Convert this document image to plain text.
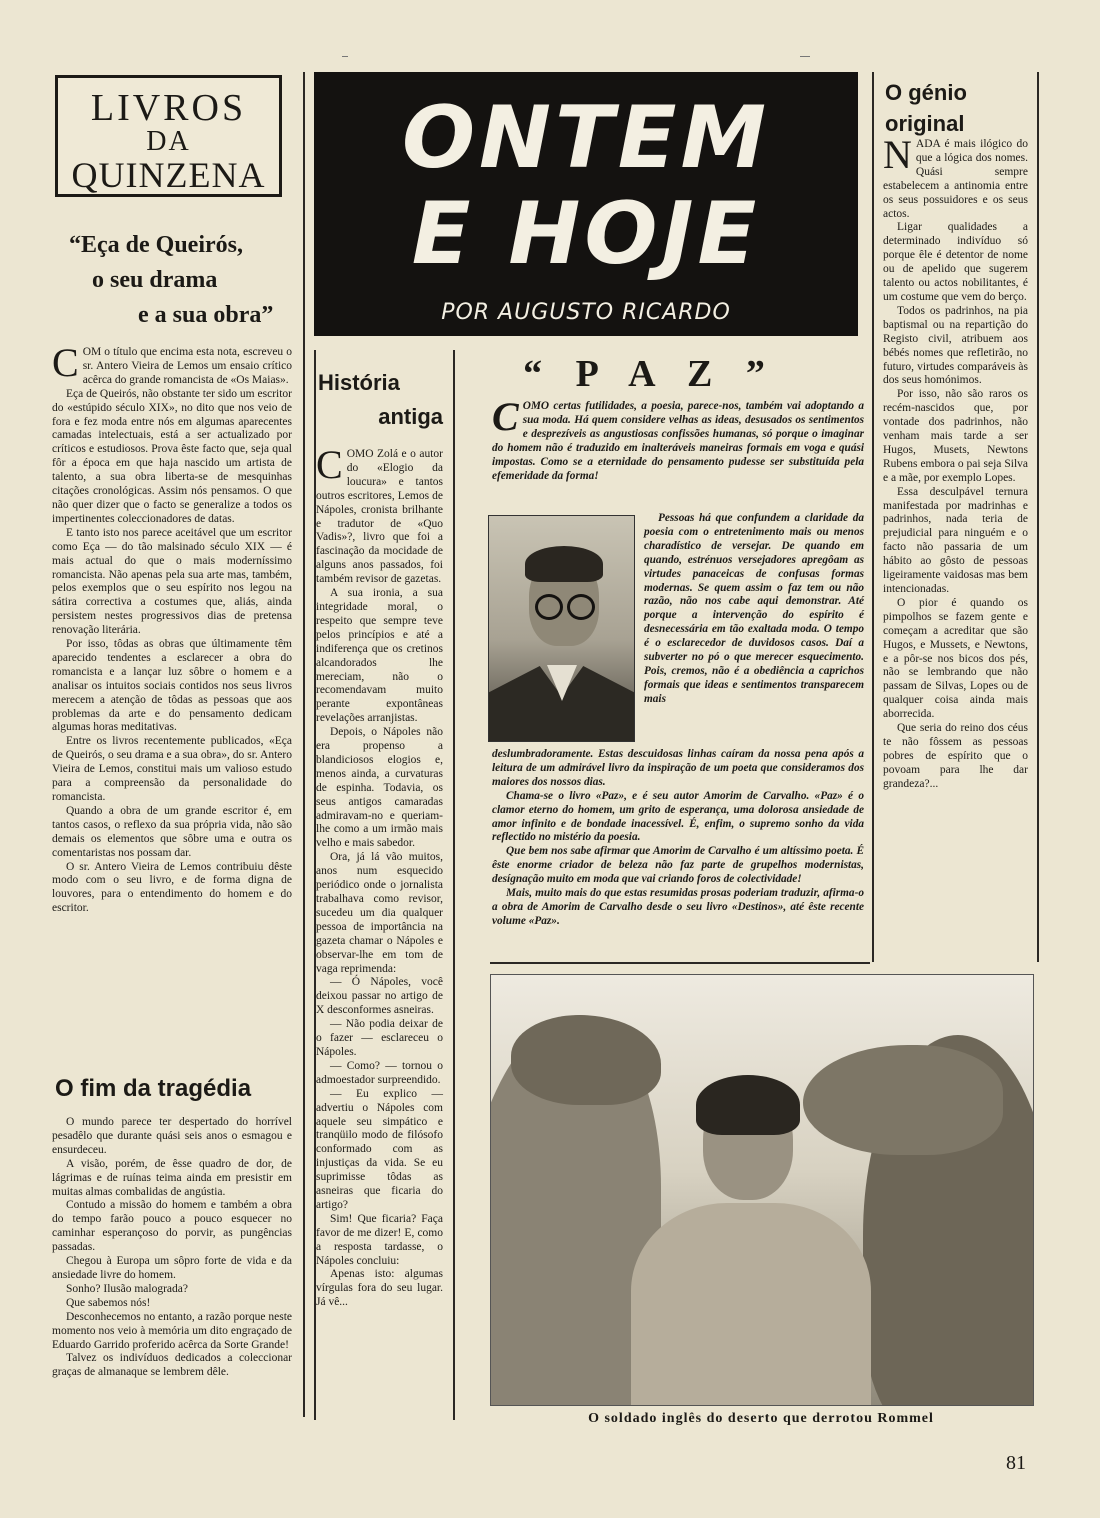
LIVROS
DA
QUINZENA
“Eça de Queirós,
o seu drama
e a sua obra”

COM o título que encima esta nota, escreveu o sr. Antero Vieira de Lemos um ensaio crítico acêrca do grande romancista de «Os Maias».

Eça de Queirós, não obstante ter sido um escritor do «estúpido século XIX», no dito que nos veio de fora e fez moda entre nós em algumas aparecentes camadas intelectuais, está a ser actualizado por críticos e estudiosos. Prova êste facto que, seja qual fôr a época em que haja nascido um artista de talento, a sua obra liberta-se de mesquinhas citações cronológicas. Assim nós pensamos. O que não quer dizer que o facto se generalize a todos os impertinentes coleccionadores de datas.

E tanto isto nos parece aceitável que um escritor como Eça — do tão malsinado século XIX — é mais actual do que o mais moderníssimo romancista. Não apenas pela sua arte mas, também, pelos exemplos que o seu espírito nos legou na sátira correctiva a costumes que, aliás, ainda persistem nestes progressivos dias de pretensa renovação literária.

Por isso, tôdas as obras que últimamente têm aparecido tendentes a esclarecer a obra do romancista e a lançar luz sôbre o homem e a analisar os intuitos sociais contidos nos seus livros merecem a atenção de tôdas as pessoas que aos problemas da arte e do pensamento dedicam algumas horas meditativas.

Entre os livros recentemente publicados, «Eça de Queirós, o seu drama e a sua obra», do sr. Antero Vieira de Lemos, constitui mais um valioso estudo para a compreensão da personalidade do romancista.

Quando a obra de um grande escritor é, em tantos casos, o reflexo da sua própria vida, não são demais os elementos que sôbre uma e outra os comentaristas nos possam dar.

O sr. Antero Vieira de Lemos contribuiu dêste modo com o seu livro, e de forma digna de louvores, para o entendimento do homem e do escritor.

O fim da tragédia

O mundo parece ter despertado do horrível pesadêlo que durante quási seis anos o esmagou e ensurdeceu.

A visão, porém, de êsse quadro de dor, de lágrimas e de ruínas teima ainda em presistir em muitas almas combalidas de angústia.

Contudo a missão do homem e também a obra do tempo farão pouco a pouco esquecer no caminhar esperançoso do porvir, as pungências passadas.

Chegou à Europa um sôpro forte de vida e da ansiedade livre do homem.

Sonho? Ilusão malograda?

Que sabemos nós!

Desconhecemos no entanto, a razão porque neste momento nos veio à memória um dito engraçado de Eduardo Garrido proferido acêrca da Sorte Grande!

Talvez os indivíduos dedicados a coleccionar graças de almanaque se lembrem dêle.

ONTEM
E HOJE
POR AUGUSTO RICARDO
História
antiga

COMO Zolá e o autor do «Elogio da loucura» e tantos outros escritores, Lemos de Nápoles, cronista brilhante e tradutor de «Quo Vadis»?, livro que foi a fascinação da mocidade de alguns anos passados, foi também revisor de gazetas.

A sua ironia, a sua integridade moral, o respeito que sempre teve pelos princípios e até a indiferença que os cretinos alcandorados lhe mereciam, não o recomendavam muito perante expontâneas revelações arranjistas.

Depois, o Nápoles não era propenso a blandiciosos elogios e, menos ainda, a curvaturas de espinha. Todavia, os seus antigos camaradas admiravam-no e queriam-lhe como a um irmão mais velho e mais sabedor.

Ora, já lá vão muitos, anos num esquecido periódico onde o jornalista trabalhava como revisor, sucedeu um dia qualquer pessoa de importância na gazeta chamar o Nápoles e observar-lhe em tom de vaga reprimenda:

— Ó Nápoles, você deixou passar no artigo de X desconformes asneiras.

— Não podia deixar de o fazer — esclareceu o Nápoles.

— Como? — tornou o admoestador surpreendido.

— Eu explico — advertiu o Nápoles com aquele seu simpático e tranqüilo modo de filósofo conformado com as injustiças da vida. Se eu suprimisse tôdas as asneiras que ficaria do artigo?

Sim! Que ficaria? Faça favor de me dizer! E, como a resposta tardasse, o Nápoles concluiu:

Apenas isto: algumas vírgulas fora do seu lugar. Já vê...

“ P A Z ”

COMO certas futilidades, a poesia, parece-nos, também vai adoptando a sua moda. Há quem considere velhas as ideas, desusados os sentimentos e desprezíveis as angustiosas confissões humanas, só porque o imaginar do homem não é traduzido em inalteráveis maneiras formais em voga e quási impostas. Como se a eternidade do pensamento pudesse ser substituída pela efemeridade da forma!

Pessoas há que confundem a claridade da poesia com o entretenimento mais ou menos charadístico de versejar. De quando em quando, estrénuos versejadores apregôam as virtudes panaceicas de confusas formas modernas. Se quem assim o faz tem ou não razão, não nos cabe aqui demonstrar. Até porque a intervenção do espírito é desnecessária em tão exaltada moda. O tempo é o esclarecedor de duvidosos casos. Daí a subverter no pó o que merecer esquecimento. Pois, cremos, não é a obediência a caprichos formais que ideas e sentimentos transparecem mais

deslumbradoramente. Estas descuidosas linhas caíram da nossa pena após a leitura de um admirável livro da inspiração de um poeta que consideramos dos maiores dos nossos dias.

Chama-se o livro «Paz», e é seu autor Amorim de Carvalho. «Paz» é o clamor eterno do homem, um grito de esperança, uma dolorosa ansiedade de amor infinito e de bondade inacessível. É, enfim, o supremo sonho da vida reflectido no mistério da poesia.

Que bem nos sabe afirmar que Amorim de Carvalho é um altíssimo poeta. É êste enorme criador de beleza não faz parte de grupelhos modernistas, desígnação muito em moda que vai criando foros de colectividade!

Mais, muito mais do que estas resumidas prosas poderiam traduzir, afirma-o a obra de Amorim de Carvalho desde o seu livro «Destinos», até êste recente volume «Paz».

O génio original

NADA é mais ilógico do que a lógica dos nomes. Quási sempre estabelecem a antinomia entre os seus possuidores e os seus actos.

Ligar qualidades a determinado indivíduo só porque êle é detentor de nome ou de apelido que sugerem talento ou actos nobilitantes, é um costume que vem do berço.

Todos os padrinhos, na pia baptismal ou na repartição do Registo civil, atribuem aos bébés nomes que refletirão, no futuro, virtudes comparáveis às dos seus homónimos.

Por isso, não são raros os recém-nascidos que, por vontade dos padrinhos, não venham mais tarde a ser Hugos, Musets, Newtons Rubens embora o pai seja Silva e a mãe, por exemplo Lopes.

Essa desculpável ternura manifestada por madrinhas e padrinhos, nada teria de prejudicial para ninguém e o facto não passaria de um hábito ao gôsto de pessoas ligeiramente vaidosas mas bem intencionadas.

O pior é quando os pimpolhos se fazem gente e começam a acreditar que são Hugos, e Mussets, e Newtons, e a pôr-se nos bicos dos pés, não se lembrando que não passam de Silvas, Lopes ou de qualquer coisa ainda mais aborrecida.

Que seria do reino dos céus te não fôssem as pessoas pobres de espírito que o povoam para lhe dar grandeza?...

O soldado inglês do deserto que derrotou Rommel
81
